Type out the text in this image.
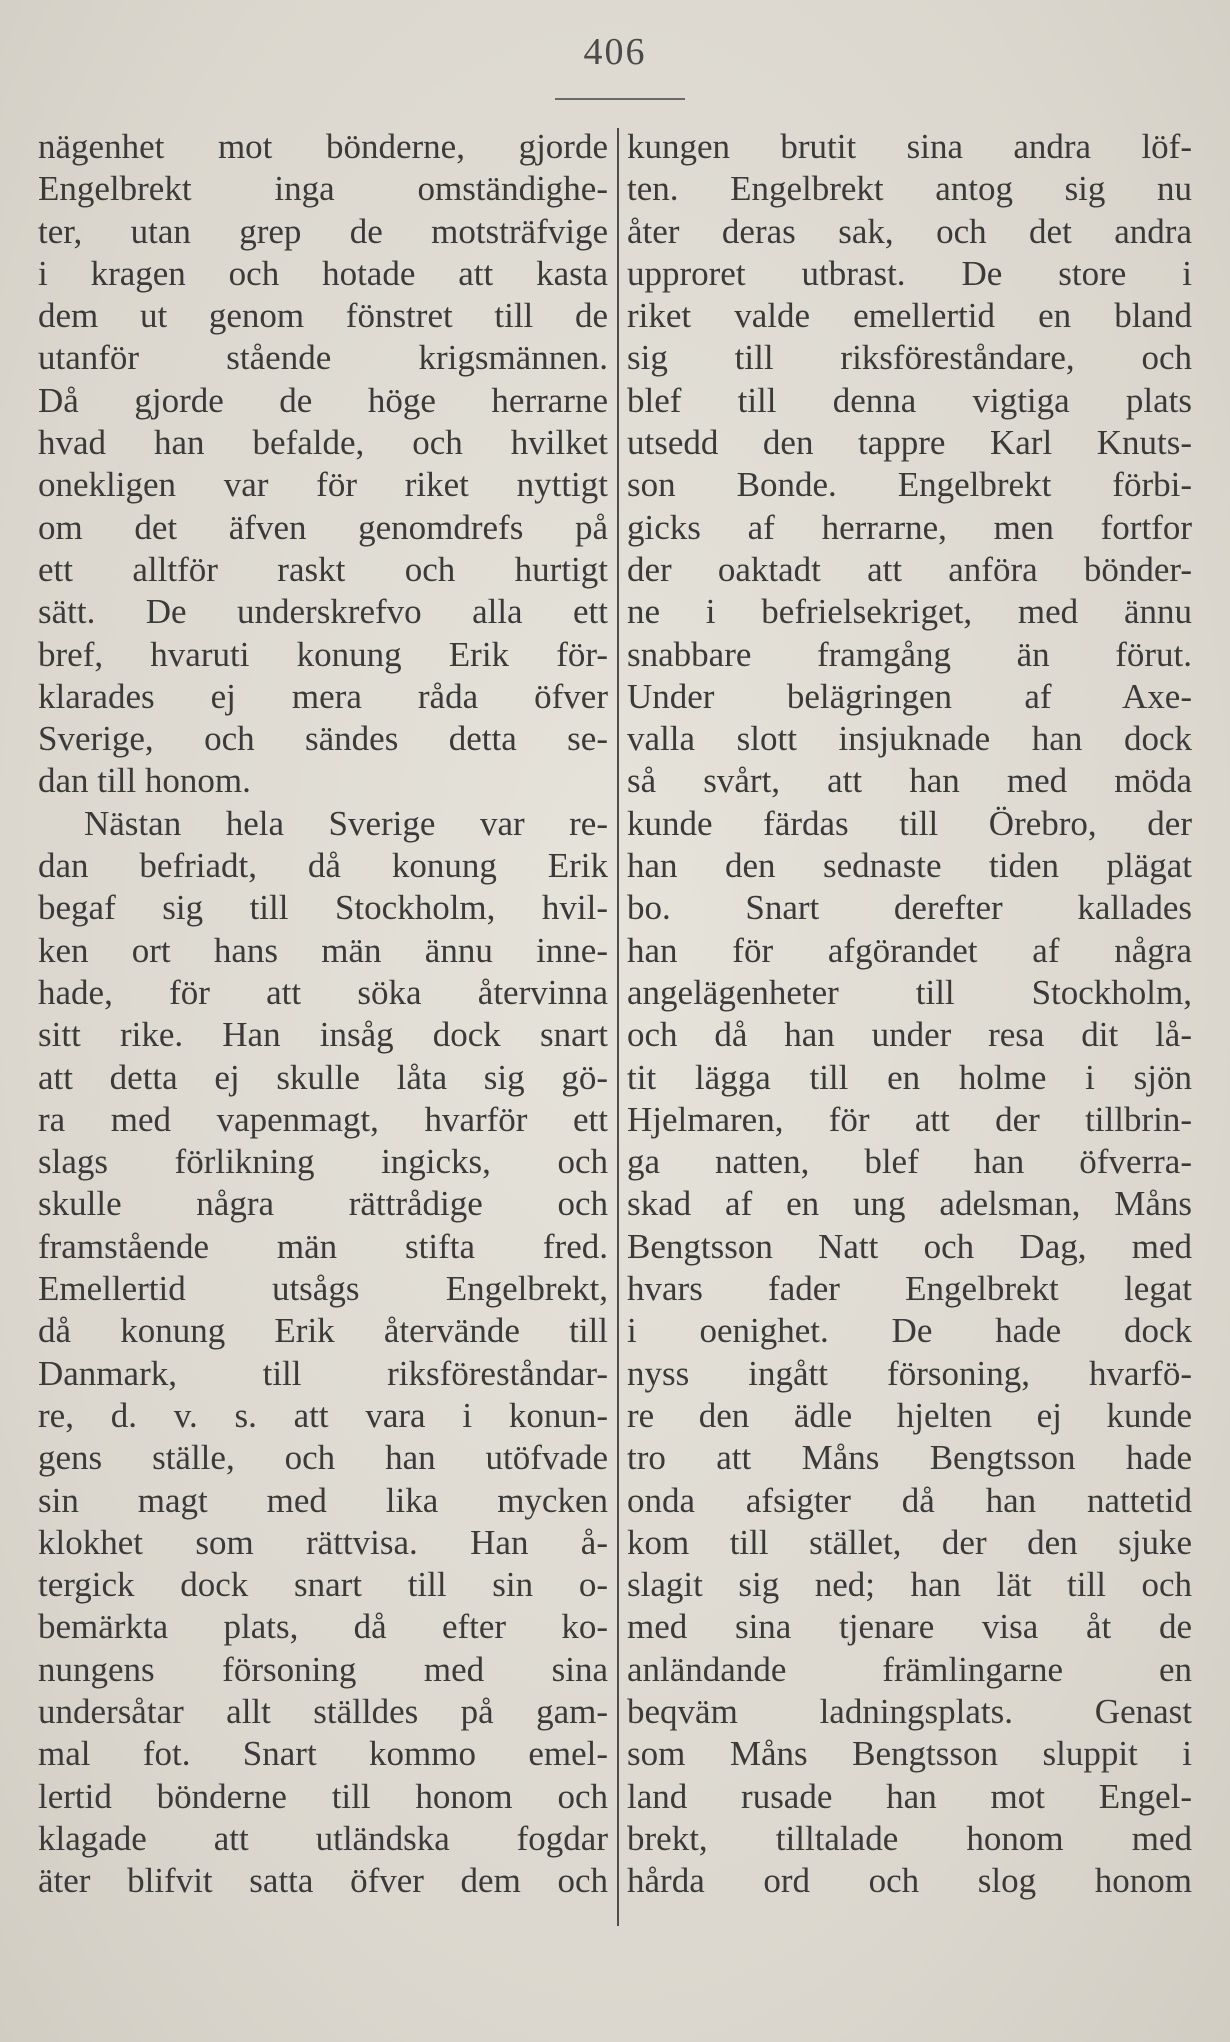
406
nägenhet mot bönderne, gjorde
Engelbrekt inga omständighe-
ter, utan grep de motsträfvige
i kragen och hotade att kasta
dem ut genom fönstret till de
utanför stående krigsmännen.
Då gjorde de höge herrarne
hvad han befalde, och hvilket
onekligen var för riket nyttigt
om det äfven genomdrefs på
ett alltför raskt och hurtigt
sätt. De underskrefvo alla ett
bref, hvaruti konung Erik för-
klarades ej mera råda öfver
Sverige, och sändes detta se-
dan till honom.
Nästan hela Sverige var re-
dan befriadt, då konung Erik
begaf sig till Stockholm, hvil-
ken ort hans män ännu inne-
hade, för att söka återvinna
sitt rike. Han insåg dock snart
att detta ej skulle låta sig gö-
ra med vapenmagt, hvarför ett
slags förlikning ingicks, och
skulle några rättrådige och
framstående män stifta fred.
Emellertid utsågs Engelbrekt,
då konung Erik återvände till
Danmark, till riksföreståndar-
re, d. v. s. att vara i konun-
gens ställe, och han utöfvade
sin magt med lika mycken
klokhet som rättvisa. Han å-
tergick dock snart till sin o-
bemärkta plats, då efter ko-
nungens försoning med sina
undersåtar allt ställdes på gam-
mal fot. Snart kommo emel-
lertid bönderne till honom och
klagade att utländska fogdar
äter blifvit satta öfver dem och
kungen brutit sina andra löf-
ten. Engelbrekt antog sig nu
åter deras sak, och det andra
upproret utbrast. De store i
riket valde emellertid en bland
sig till riksföreståndare, och
blef till denna vigtiga plats
utsedd den tappre Karl Knuts-
son Bonde. Engelbrekt förbi-
gicks af herrarne, men fortfor
der oaktadt att anföra bönder-
ne i befrielsekriget, med ännu
snabbare framgång än förut.
Under belägringen af Axe-
valla slott insjuknade han dock
så svårt, att han med möda
kunde färdas till Örebro, der
han den sednaste tiden plägat
bo. Snart derefter kallades
han för afgörandet af några
angelägenheter till Stockholm,
och då han under resa dit lå-
tit lägga till en holme i sjön
Hjelmaren, för att der tillbrin-
ga natten, blef han öfverra-
skad af en ung adelsman, Måns
Bengtsson Natt och Dag, med
hvars fader Engelbrekt legat
i oenighet. De hade dock
nyss ingått försoning, hvarfö-
re den ädle hjelten ej kunde
tro att Måns Bengtsson hade
onda afsigter då han nattetid
kom till stället, der den sjuke
slagit sig ned; han lät till och
med sina tjenare visa åt de
anländande främlingarne en
beqväm ladningsplats. Genast
som Måns Bengtsson sluppit i
land rusade han mot Engel-
brekt, tilltalade honom med
hårda ord och slog honom
